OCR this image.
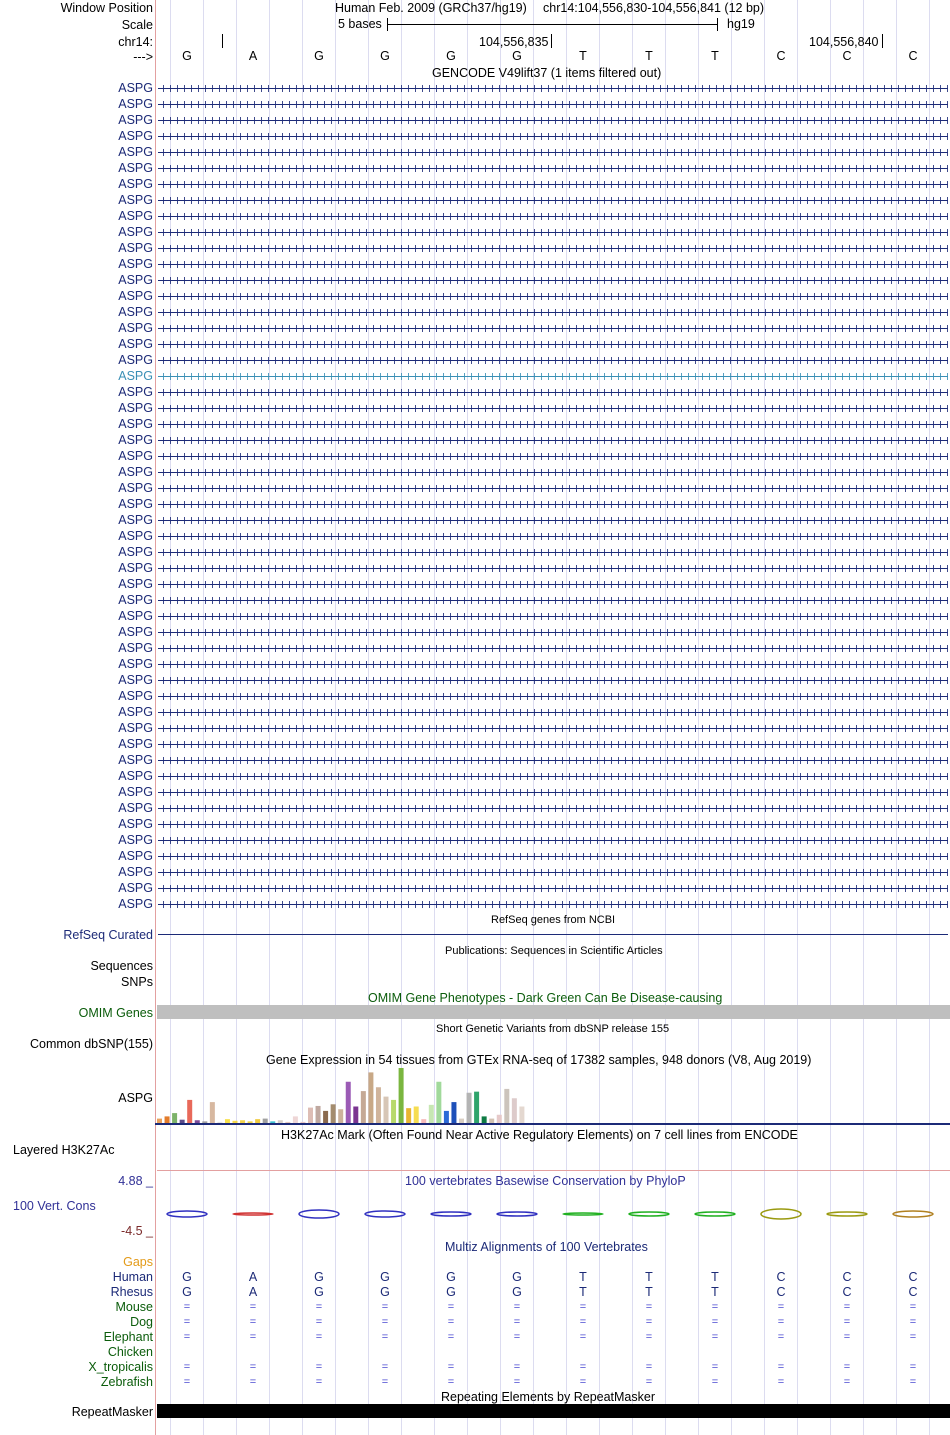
Window Position	Human Feb. 2009 (GRCh37/hg19) chr14:104,556,830-104,556,841 (12 bp)
Scale	5 bases	hg19
chr14:	104,556,835	104,556,840
--->
GENCODE V49lift37 (1 items filtered out)
RefSeq genes from NCBI
RefSeq Curated
Publications: Sequences in Scientific Articles
Sequences
SNPs
OMIM Gene Phenotypes - Dark Green Can Be Disease-causing
OMIM Genes
Short Genetic Variants from dbSNP release 155
Common dbSNP(155)
Gene Expression in 54 tissues from GTEx RNA-seq of 17382 samples, 948 donors (V8, Aug 2019)
ASPG
H3K27Ac Mark (Often Found Near Active Regulatory Elements) on 7 cell lines from ENCODE
Layered H3K27Ac
100 vertebrates Basewise Conservation by PhyloP
4.88 _
100 Vert. Cons
-4.5 _
Multiz Alignments of 100 Vertebrates
Gaps
Repeating Elements by RepeatMasker
RepeatMasker
G	A	G	G	G	G	T	T	T	C	C	C
ASPG
ASPG
ASPG
ASPG
ASPG
ASPG
ASPG
ASPG
ASPG
ASPG
ASPG
ASPG
ASPG
ASPG
ASPG
ASPG
ASPG
ASPG
ASPG
ASPG
ASPG
ASPG
ASPG
ASPG
ASPG
ASPG
ASPG
ASPG
ASPG
ASPG
ASPG
ASPG
ASPG
ASPG
ASPG
ASPG
ASPG
ASPG
ASPG
ASPG
ASPG
ASPG
ASPG
ASPG
ASPG
ASPG
ASPG
ASPG
ASPG
ASPG
ASPG
ASPG
Human	G	A	G	G	G	G	T	T	T	C	C	C
Rhesus	G	A	G	G	G	G	T	T	T	C	C	C
Mouse	=	=	=	=	=	=	=	=	=	=	=	=
Dog	=	=	=	=	=	=	=	=	=	=	=	=
Elephant	=	=	=	=	=	=	=	=	=	=	=	=
Chicken
X_tropicalis	=	=	=	=	=	=	=	=	=	=	=	=
Zebrafish	=	=	=	=	=	=	=	=	=	=	=	=
